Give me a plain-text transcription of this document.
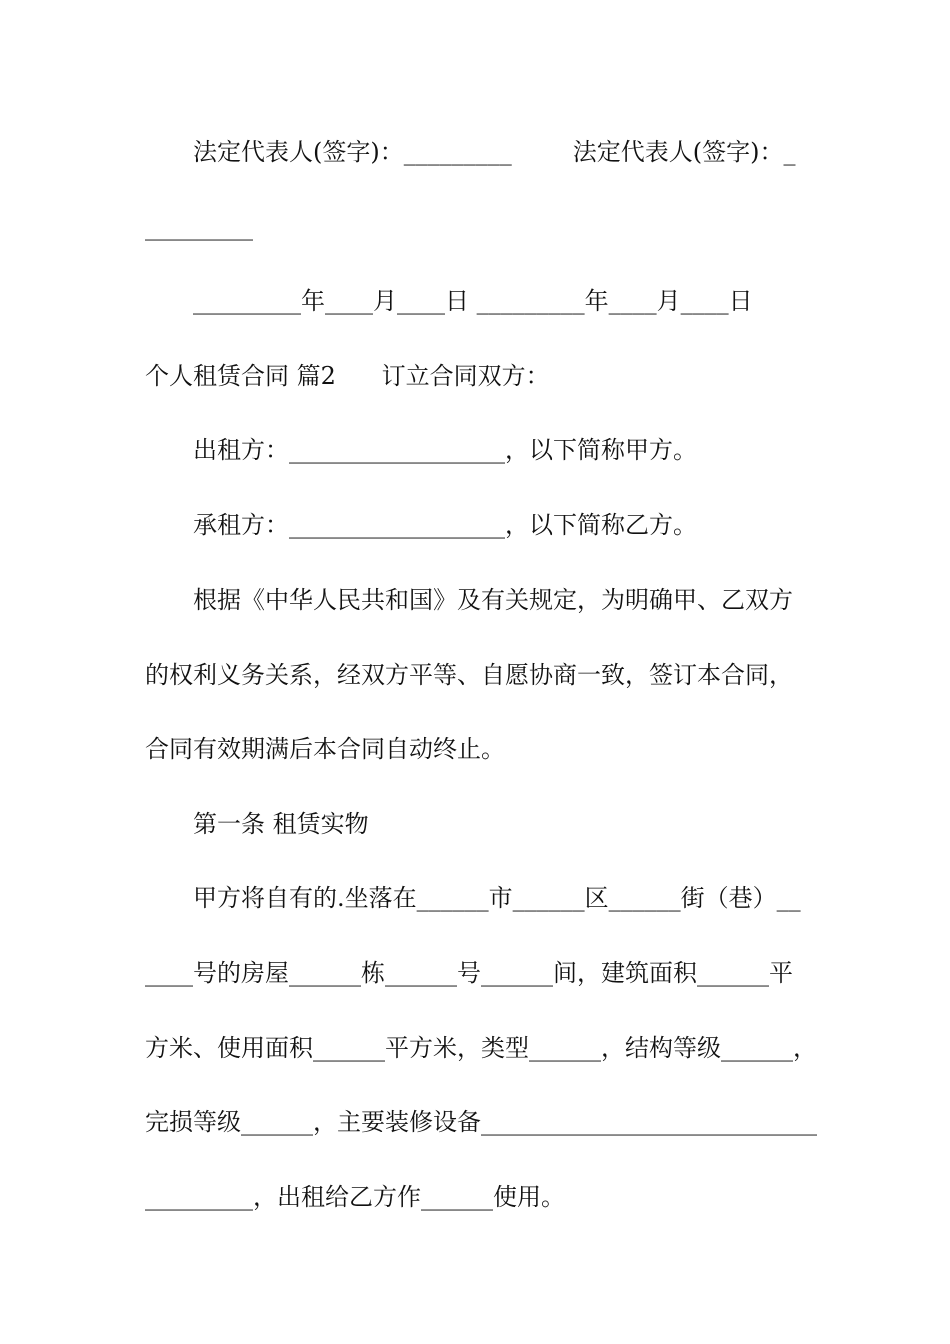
法定代表人(签字)：_________        法定代表人(签字)：_
_________
_________年____月____日 _________年____月____日
个人租赁合同 篇2      订立合同双方：
出租方：__________________，以下简称甲方。
承租方：__________________，以下简称乙方。
根据《中华人民共和国》及有关规定，为明确甲、乙双方
的权利义务关系，经双方平等、自愿协商一致，签订本合同，
合同有效期满后本合同自动终止。
第一条 租赁实物
甲方将自有的.坐落在______市______区______街（巷）__
____号的房屋______栋______号______间，建筑面积______平
方米、使用面积______平方米，类型______，结构等级______，
完损等级______，主要装修设备____________________________
_________，出租给乙方作______使用。
